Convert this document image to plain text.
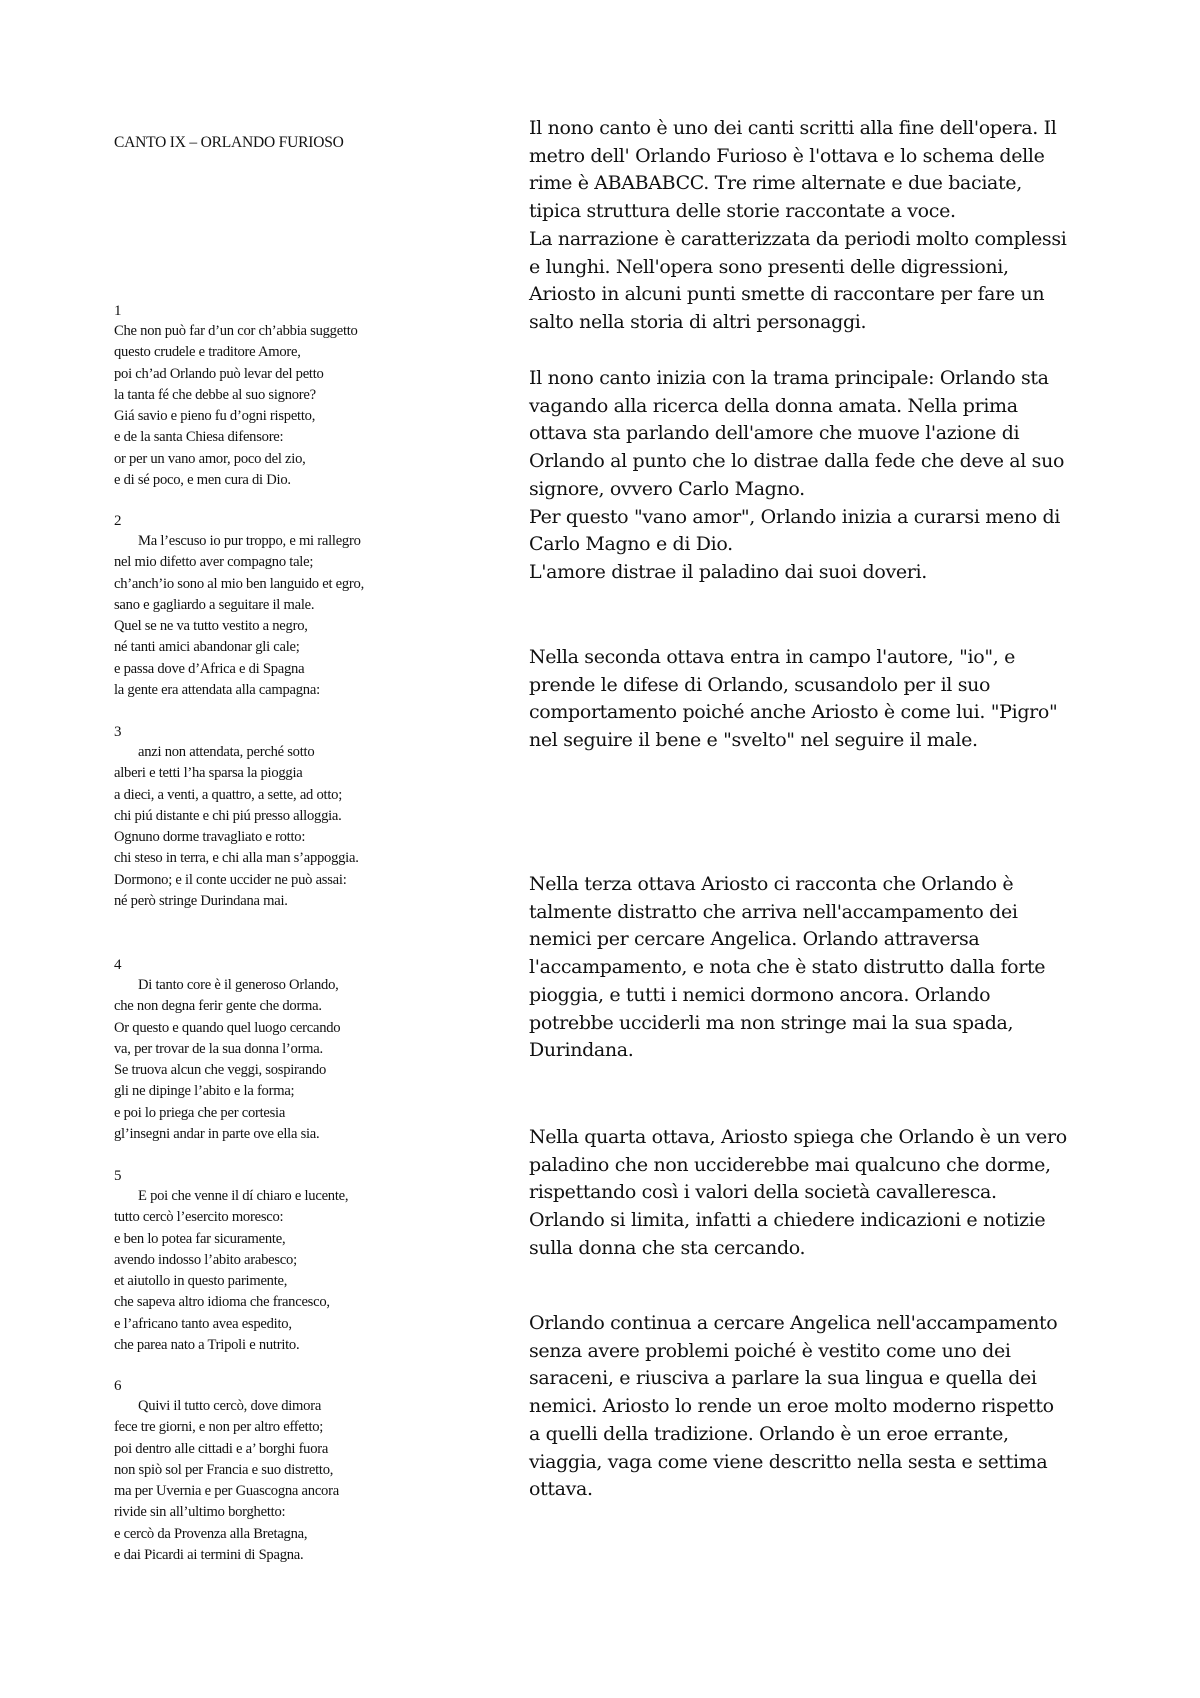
CANTO IX – ORLANDO FURIOSO

1
Che non può far d’un cor ch’abbia suggetto
questo crudele e traditore Amore,
poi ch’ad Orlando può levar del petto
la tanta fé che debbe al suo signore?
Giá savio e pieno fu d’ogni rispetto,
e de la santa Chiesa difensore:
or per un vano amor, poco del zio,
e di sé poco, e men cura di Dio.
2
Ma l’escuso io pur troppo, e mi rallegro
nel mio difetto aver compagno tale;
ch’anch’io sono al mio ben languido et egro,
sano e gagliardo a seguitare il male.
Quel se ne va tutto vestito a negro,
né tanti amici abandonar gli cale;
e passa dove d’Africa e di Spagna
la gente era attendata alla campagna:
3
anzi non attendata, perché sotto
alberi e tetti l’ha sparsa la pioggia
a dieci, a venti, a quattro, a sette, ad otto;
chi piú distante e chi piú presso alloggia.
Ognuno dorme travagliato e rotto:
chi steso in terra, e chi alla man s’appoggia.
Dormono; e il conte uccider ne può assai:
né però stringe Durindana mai.
4
Di tanto core è il generoso Orlando,
che non degna ferir gente che dorma.
Or questo e quando quel luogo cercando
va, per trovar de la sua donna l’orma.
Se truova alcun che veggi, sospirando
gli ne dipinge l’abito e la forma;
e poi lo priega che per cortesia
gl’insegni andar in parte ove ella sia.
5
E poi che venne il dí chiaro e lucente,
tutto cercò l’esercito moresco:
e ben lo potea far sicuramente,
avendo indosso l’abito arabesco;
et aiutollo in questo parimente,
che sapeva altro idioma che francesco,
e l’africano tanto avea espedito,
che parea nato a Tripoli e nutrito.
6
Quivi il tutto cercò, dove dimora
fece tre giorni, e non per altro effetto;
poi dentro alle cittadi e a’ borghi fuora
non spiò sol per Francia e suo distretto,
ma per Uvernia e per Guascogna ancora
rivide sin all’ultimo borghetto:
e cercò da Provenza alla Bretagna,
e dai Picardi ai termini di Spagna.
Il nono canto è uno dei canti scritti alla fine dell'opera. Il
metro dell' Orlando Furioso è l'ottava e lo schema delle
rime è ABABABCC. Tre rime alternate e due baciate,
tipica struttura delle storie raccontate a voce.
La narrazione è caratterizzata da periodi molto complessi
e lunghi. Nell'opera sono presenti delle digressioni,
Ariosto in alcuni punti smette di raccontare per fare un
salto nella storia di altri personaggi.
Il nono canto inizia con la trama principale: Orlando sta
vagando alla ricerca della donna amata. Nella prima
ottava sta parlando dell'amore che muove l'azione di
Orlando al punto che lo distrae dalla fede che deve al suo
signore, ovvero Carlo Magno.
Per questo "vano amor", Orlando inizia a curarsi meno di
Carlo Magno e di Dio.
L'amore distrae il paladino dai suoi doveri.
Nella seconda ottava entra in campo l'autore, "io", e
prende le difese di Orlando, scusandolo per il suo
comportamento poiché anche Ariosto è come lui. "Pigro"
nel seguire il bene e "svelto" nel seguire il male.
Nella terza ottava Ariosto ci racconta che Orlando è
talmente distratto che arriva nell'accampamento dei
nemici per cercare Angelica. Orlando attraversa
l'accampamento, e nota che è stato distrutto dalla forte
pioggia, e tutti i nemici dormono ancora. Orlando
potrebbe ucciderli ma non stringe mai la sua spada,
Durindana.
Nella quarta ottava, Ariosto spiega che Orlando è un vero
paladino che non ucciderebbe mai qualcuno che dorme,
rispettando così i valori della società cavalleresca.
Orlando si limita, infatti a chiedere indicazioni e notizie
sulla donna che sta cercando.
Orlando continua a cercare Angelica nell'accampamento
senza avere problemi poiché è vestito come uno dei
saraceni, e riusciva a parlare la sua lingua e quella dei
nemici. Ariosto lo rende un eroe molto moderno rispetto
a quelli della tradizione. Orlando è un eroe errante,
viaggia, vaga come viene descritto nella sesta e settima
ottava.
